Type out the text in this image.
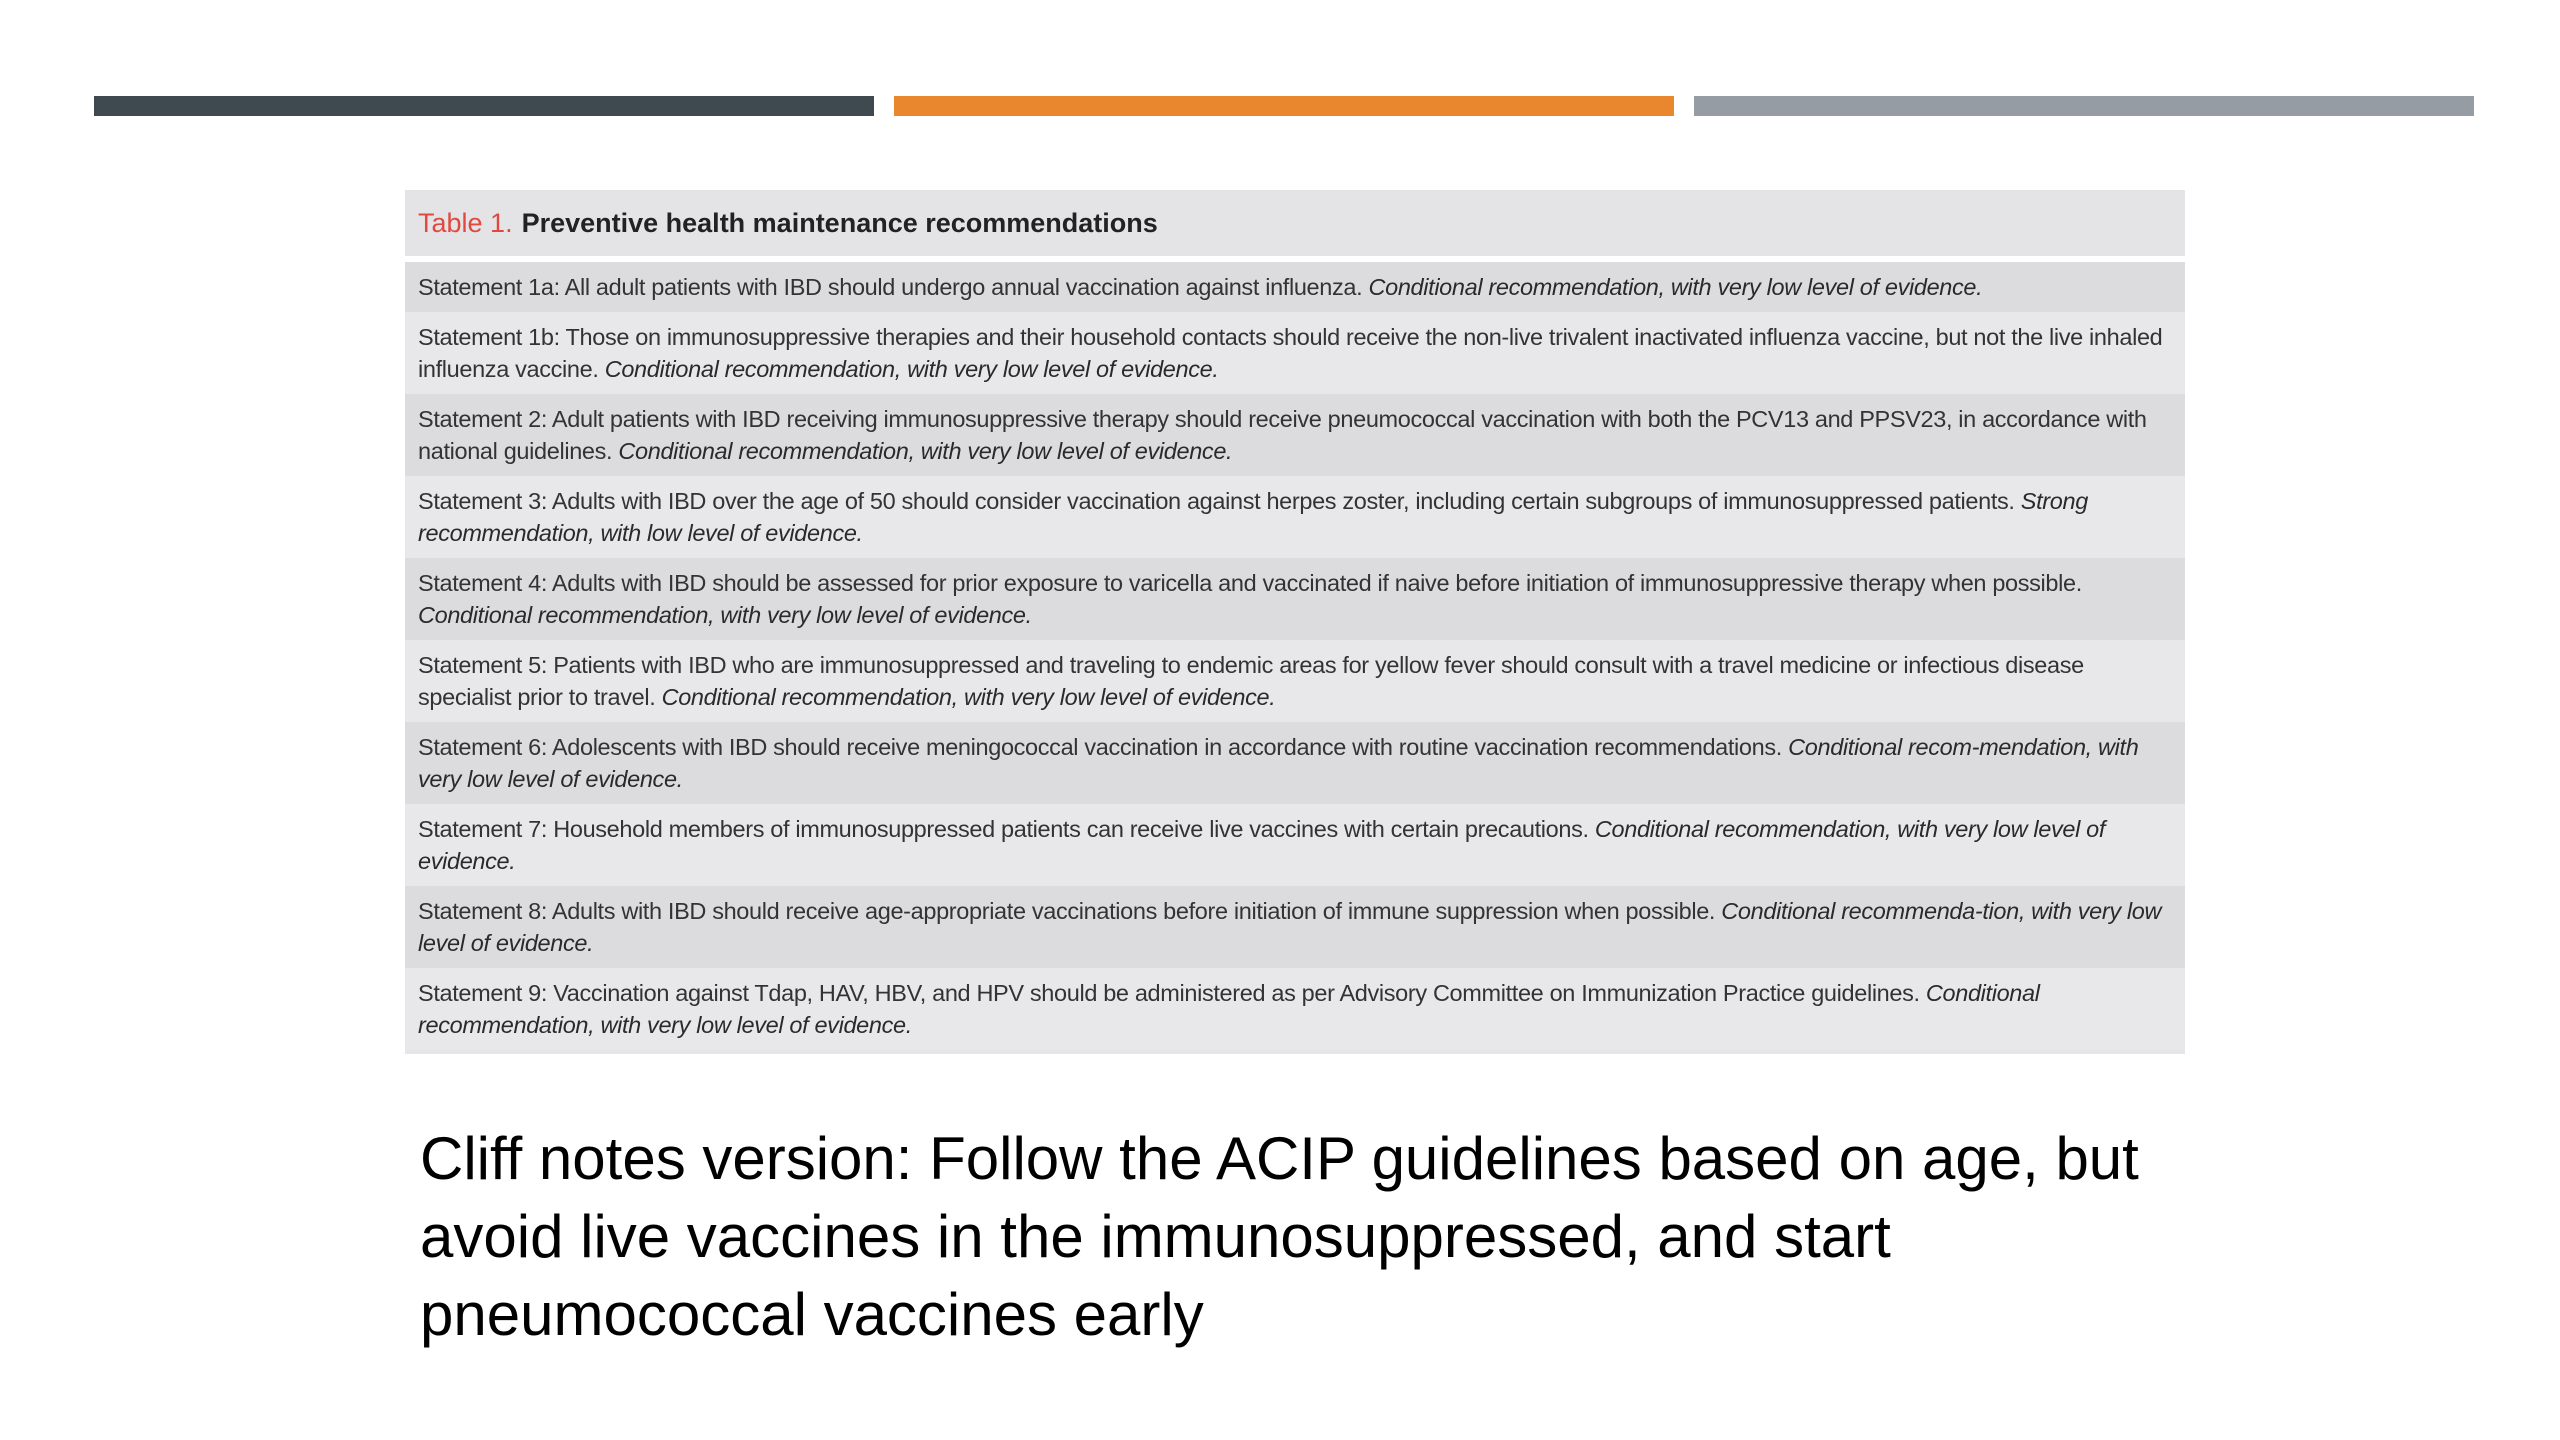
Table 1. Preventive health maintenance recommendations
Statement 1a: All adult patients with IBD should undergo annual vaccination against influenza. Conditional recommendation, with very low level of evidence.
Statement 1b: Those on immunosuppressive therapies and their household contacts should receive the non-live trivalent inactivated influenza vaccine, but not the live inhaled influenza vaccine. Conditional recommendation, with very low level of evidence.
Statement 2: Adult patients with IBD receiving immunosuppressive therapy should receive pneumococcal vaccination with both the PCV13 and PPSV23, in accordance with national guidelines. Conditional recommendation, with very low level of evidence.
Statement 3: Adults with IBD over the age of 50 should consider vaccination against herpes zoster, including certain subgroups of immunosuppressed patients. Strong recommendation, with low level of evidence.
Statement 4: Adults with IBD should be assessed for prior exposure to varicella and vaccinated if naive before initiation of immunosuppressive therapy when possible. Conditional recommendation, with very low level of evidence.
Statement 5: Patients with IBD who are immunosuppressed and traveling to endemic areas for yellow fever should consult with a travel medicine or infectious disease specialist prior to travel. Conditional recommendation, with very low level of evidence.
Statement 6: Adolescents with IBD should receive meningococcal vaccination in accordance with routine vaccination recommendations. Conditional recom-mendation, with very low level of evidence.
Statement 7: Household members of immunosuppressed patients can receive live vaccines with certain precautions. Conditional recommendation, with very low level of evidence.
Statement 8: Adults with IBD should receive age-appropriate vaccinations before initiation of immune suppression when possible. Conditional recommenda-tion, with very low level of evidence.
Statement 9: Vaccination against Tdap, HAV, HBV, and HPV should be administered as per Advisory Committee on Immunization Practice guidelines. Conditional recommendation, with very low level of evidence.
Cliff notes version: Follow the ACIP guidelines based on age, but avoid live vaccines in the immunosuppressed, and start pneumococcal vaccines early
